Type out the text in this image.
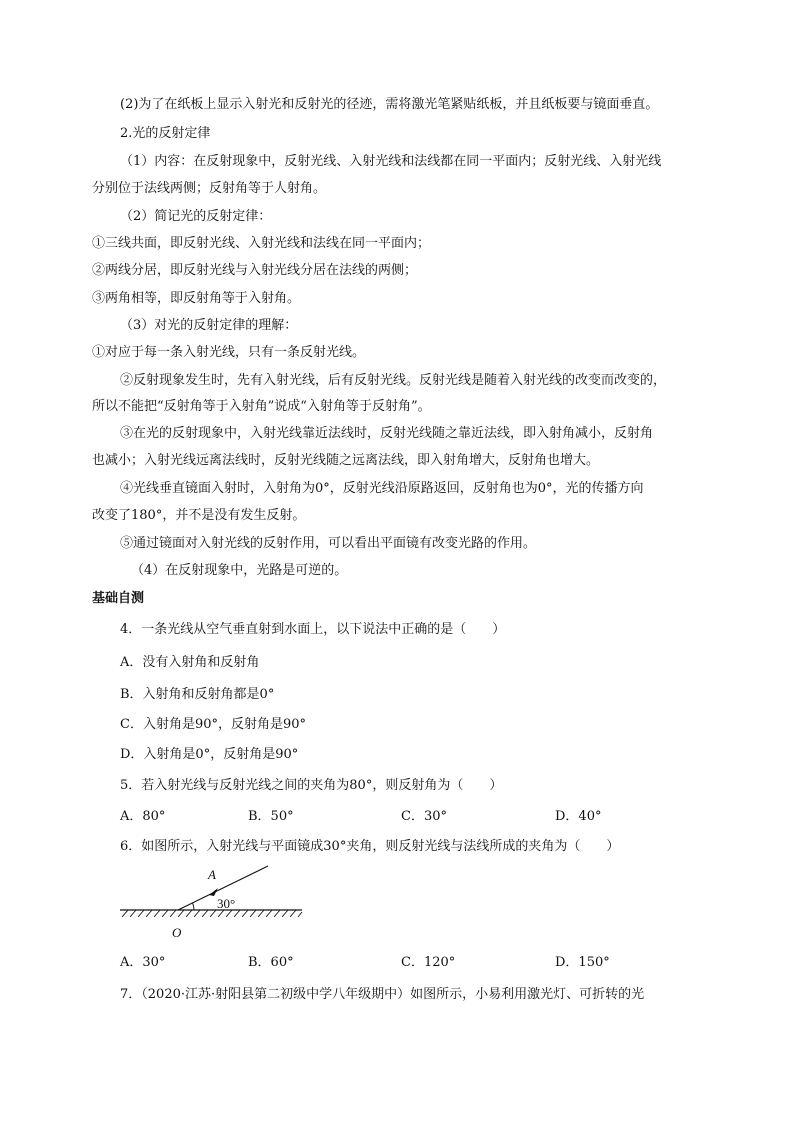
(2)为了在纸板上显示入射光和反射光的径迹，需将激光笔紧贴纸板，并且纸板要与镜面垂直。
2.光的反射定律
（1）内容：在反射现象中，反射光线、入射光线和法线都在同一平面内；反射光线、入射光线
分别位于法线两侧；反射角等于人射角。
（2）简记光的反射定律：
①三线共面，即反射光线、入射光线和法线在同一平面内；
②两线分居，即反射光线与入射光线分居在法线的两侧；
③两角相等，即反射角等于入射角。
（3）对光的反射定律的理解：
①对应于每一条入射光线，只有一条反射光线。
②反射现象发生时，先有入射光线，后有反射光线。反射光线是随着入射光线的改变而改变的，
所以不能把“反射角等于入射角”说成“入射角等于反射角”。
③在光的反射现象中，入射光线靠近法线时，反射光线随之靠近法线，即入射角减小，反射角
也减小；入射光线远离法线时，反射光线随之远离法线，即入射角增大，反射角也增大。
④光线垂直镜面入射时，入射角为0°，反射光线沿原路返回，反射角也为0°，光的传播方向
改变了180°，并不是没有发生反射。
⑤通过镜面对入射光线的反射作用，可以看出平面镜有改变光路的作用。
（4）在反射现象中，光路是可逆的。
基础自测
4．一条光线从空气垂直射到水面上，以下说法中正确的是（　　）
A．没有入射角和反射角
B．入射角和反射角都是0°
C．入射角是90°，反射角是90°
D．入射角是0°，反射角是90°
5．若入射光线与反射光线之间的夹角为80°，则反射角为（　　）
A．80°	B．50°	C．30°	D．40°
6．如图所示，入射光线与平面镜成30°夹角，则反射光线与法线所成的夹角为（　　）
A
30°
O
A．30°	B．60°	C．120°	D．150°
7．（2020·江苏·射阳县第二初级中学八年级期中）如图所示，小易利用激光灯、可折转的光
